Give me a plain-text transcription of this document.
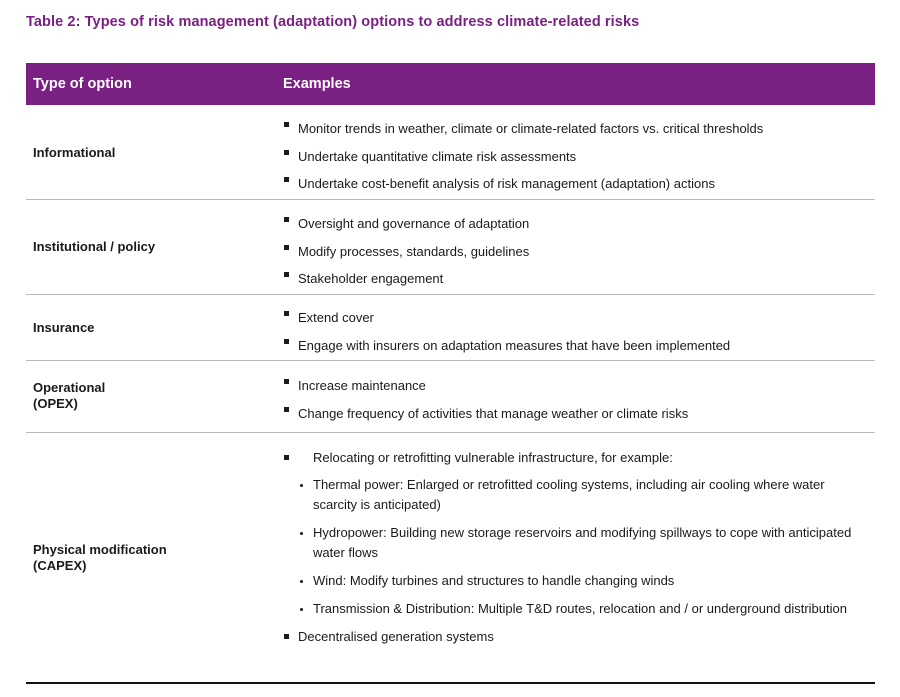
Table 2: Types of risk management (adaptation) options to address climate-related risks
Type of option	Examples
Informational
Monitor trends in weather, climate or climate-related factors vs. critical thresholds
Undertake quantitative climate risk assessments
Undertake cost-benefit analysis of risk management (adaptation) actions
Institutional / policy
Oversight and governance of adaptation
Modify processes, standards, guidelines
Stakeholder engagement
Insurance
Extend cover
Engage with insurers on adaptation measures that have been implemented
Operational
(OPEX)
Increase maintenance
Change frequency of activities that manage weather or climate risks
Physical modification
(CAPEX)
Relocating or retrofitting vulnerable infrastructure, for example:
Thermal power: Enlarged or retrofitted cooling systems, including air cooling where water scarcity is anticipated)
Hydropower: Building new storage reservoirs and modifying spillways to cope with anticipated water flows
Wind: Modify turbines and structures to handle changing winds
Transmission & Distribution: Multiple T&D routes, relocation and / or underground distribution
Decentralised generation systems
